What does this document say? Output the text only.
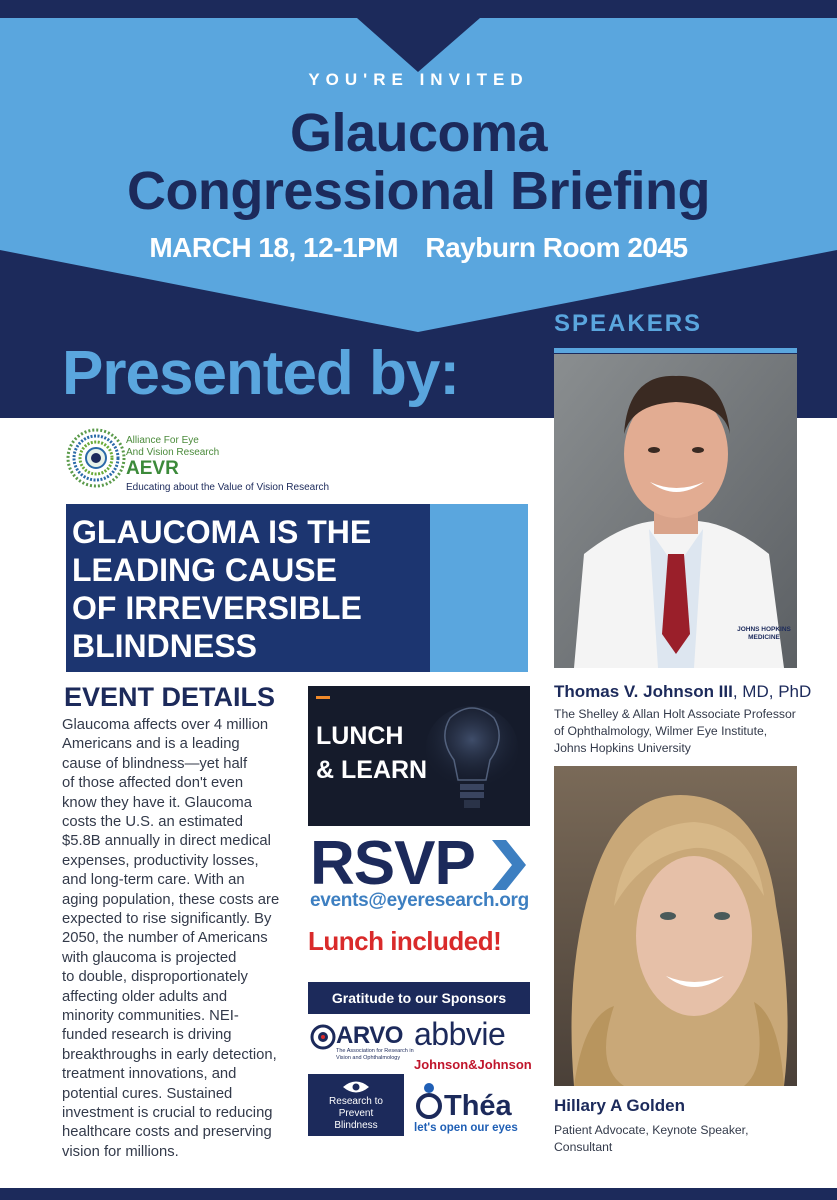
YOU'RE INVITED
Glaucoma
Congressional Briefing
MARCH 18, 12-1PM Rayburn Room 2045
Presented by:
SPEAKERS
Alliance For Eye
And Vision Research
AEVR
Educating about the Value of Vision Research
GLAUCOMA IS THE
LEADING CAUSE
OF IRREVERSIBLE
BLINDNESS
EVENT DETAILS
Glaucoma affects over 4 million
Americans and is a leading
cause of blindness—yet half
of those affected don't even
know they have it. Glaucoma
costs the U.S. an estimated
$5.8B annually in direct medical
expenses, productivity losses,
and long-term care. With an
aging population, these costs are
expected to rise significantly. By
2050, the number of Americans
with glaucoma is projected
to double, disproportionately
affecting older adults and
minority communities. NEI-
funded research is driving
breakthroughs in early detection,
treatment innovations, and
potential cures. Sustained
investment is crucial to reducing
healthcare costs and preserving
vision for millions.
LUNCH
& LEARN
RSVP
events@eyeresearch.org
Lunch included!
Gratitude to our Sponsors
ARVO
The Association for Research in Vision and Ophthalmology
abbvie
Johnson&Johnson
Research to
Prevent
Blindness
Théa
let's open our eyes
JOHNS HOPKINS MEDICINE
Thomas V. Johnson III, MD, PhD
The Shelley & Allan Holt Associate Professor
of Ophthalmology, Wilmer Eye Institute,
Johns Hopkins University
Hillary A Golden
Patient Advocate, Keynote Speaker,
Consultant
